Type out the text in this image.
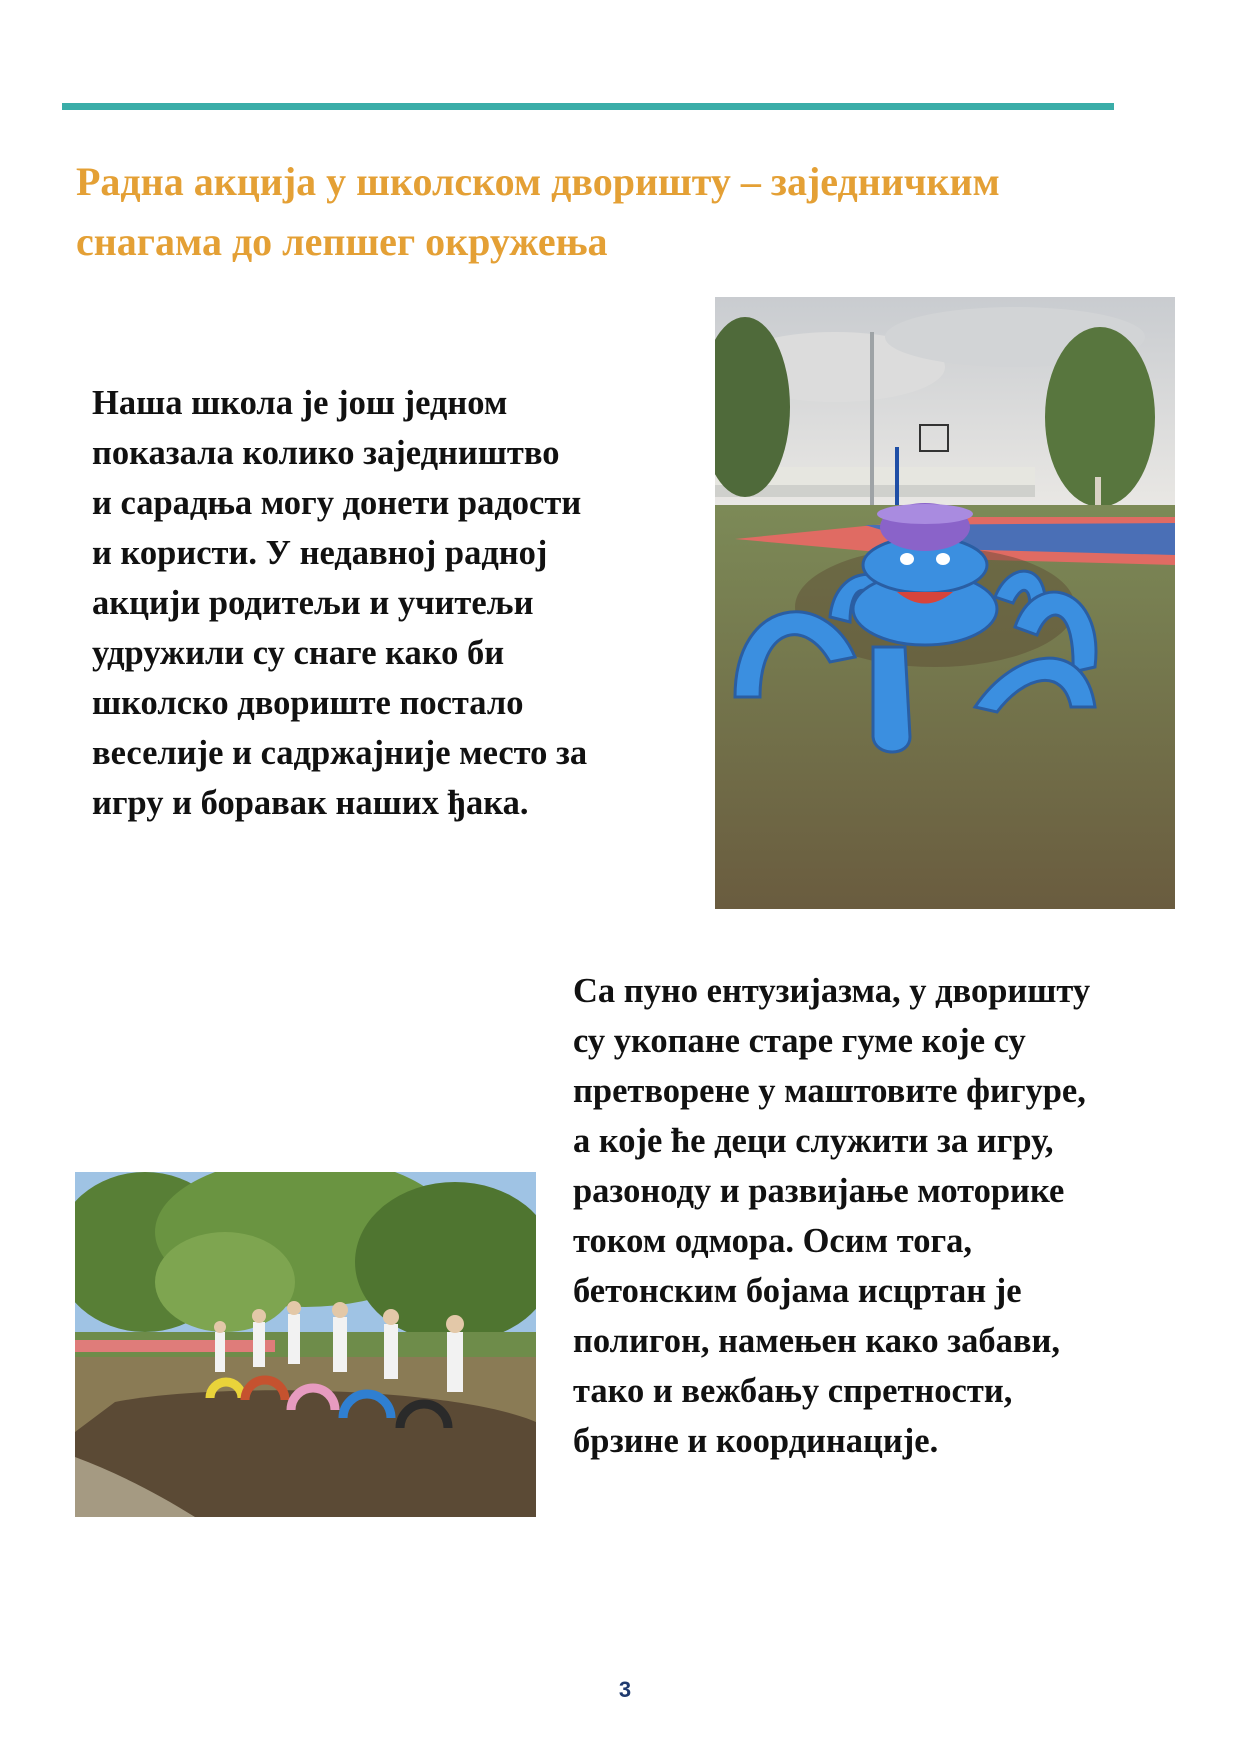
Радна акција у школском дворишту – заједничким
снагама до лепшег окружења

Наша школа је још једном
показала колико заједништво
и сарадња могу донети радости
и користи. У недавној радној
акцији родитељи и учитељи
удружили су снаге како би
школско двориште постало
веселије и садржајније место за
игру и боравак наших ђака.

Са пуно ентузијазма, у дворишту
су укопане старе гуме које су
претворене у маштовите фигуре,
а које ће деци служити за игру,
разоноду и развијање моторике
током одмора. Осим тога,
бетонским бојама исцртан је
полигон, намењен како забави,
тако и вежбању спретности,
брзине и координације.

3
